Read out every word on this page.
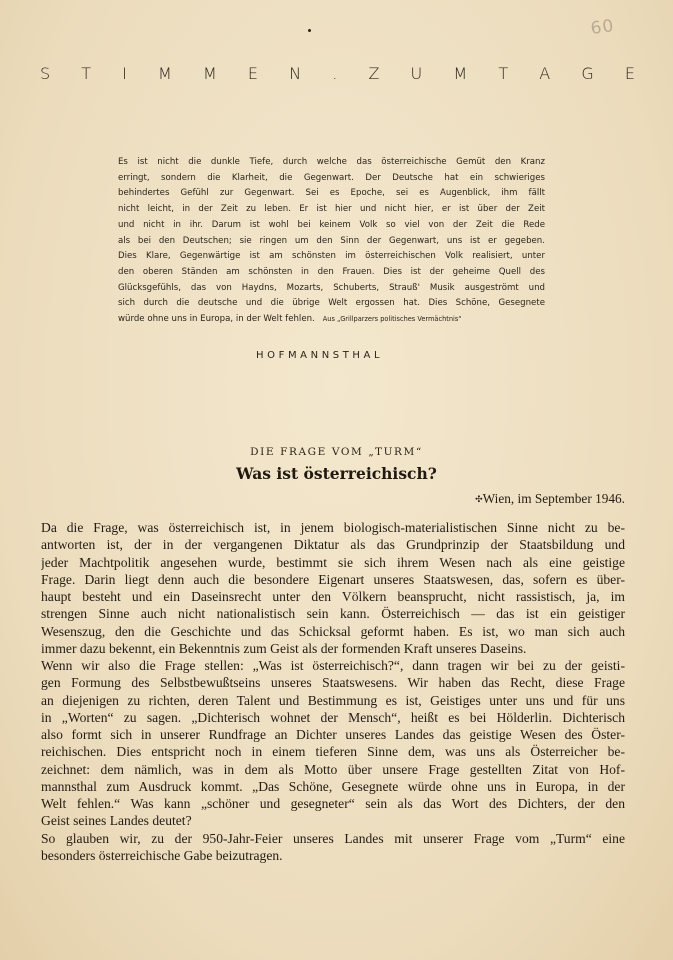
60
S T I M M E N . Z U M T A G E
Es ist nicht die dunkle Tiefe, durch welche das österreichische Gemüt den Kranz
erringt, sondern die Klarheit, die Gegenwart. Der Deutsche hat ein schwieriges
behindertes Gefühl zur Gegenwart. Sei es Epoche, sei es Augenblick, ihm fällt
nicht leicht, in der Zeit zu leben. Er ist hier und nicht hier, er ist über der Zeit
und nicht in ihr. Darum ist wohl bei keinem Volk so viel von der Zeit die Rede
als bei den Deutschen; sie ringen um den Sinn der Gegenwart, uns ist er gegeben.
Dies Klare, Gegenwärtige ist am schönsten im österreichischen Volk realisiert, unter
den oberen Ständen am schönsten in den Frauen. Dies ist der geheime Quell des
Glücksgefühls, das von Haydns, Mozarts, Schuberts, Strauß' Musik ausgeströmt und
sich durch die deutsche und die übrige Welt ergossen hat. Dies Schöne, Gesegnete
würde ohne uns in Europa, in der Welt fehlen. Aus „Grillparzers politisches Vermächtnis“
HOFMANNSTHAL
DIE FRAGE VOM „TURM“
Was ist österreichisch?
✣Wien, im September 1946.
Da die Frage, was österreichisch ist, in jenem biologisch-materialistischen Sinne nicht zu be-
antworten ist, der in der vergangenen Diktatur als das Grundprinzip der Staatsbildung und
jeder Machtpolitik angesehen wurde, bestimmt sie sich ihrem Wesen nach als eine geistige
Frage. Darin liegt denn auch die besondere Eigenart unseres Staatswesen, das, sofern es über-
haupt besteht und ein Daseinsrecht unter den Völkern beansprucht, nicht rassistisch, ja, im
strengen Sinne auch nicht nationalistisch sein kann. Österreichisch — das ist ein geistiger
Wesenszug, den die Geschichte und das Schicksal geformt haben. Es ist, wo man sich auch
immer dazu bekennt, ein Bekenntnis zum Geist als der formenden Kraft unseres Daseins.
Wenn wir also die Frage stellen: „Was ist österreichisch?“, dann tragen wir bei zu der geisti-
gen Formung des Selbstbewußtseins unseres Staatswesens. Wir haben das Recht, diese Frage
an diejenigen zu richten, deren Talent und Bestimmung es ist, Geistiges unter uns und für uns
in „Worten“ zu sagen. „Dichterisch wohnet der Mensch“, heißt es bei Hölderlin. Dichterisch
also formt sich in unserer Rundfrage an Dichter unseres Landes das geistige Wesen des Öster-
reichischen. Dies entspricht noch in einem tieferen Sinne dem, was uns als Österreicher be-
zeichnet: dem nämlich, was in dem als Motto über unsere Frage gestellten Zitat von Hof-
mannsthal zum Ausdruck kommt. „Das Schöne, Gesegnete würde ohne uns in Europa, in der
Welt fehlen.“ Was kann „schöner und gesegneter“ sein als das Wort des Dichters, der den
Geist seines Landes deutet?
So glauben wir, zu der 950-Jahr-Feier unseres Landes mit unserer Frage vom „Turm“ eine
besonders österreichische Gabe beizutragen.
